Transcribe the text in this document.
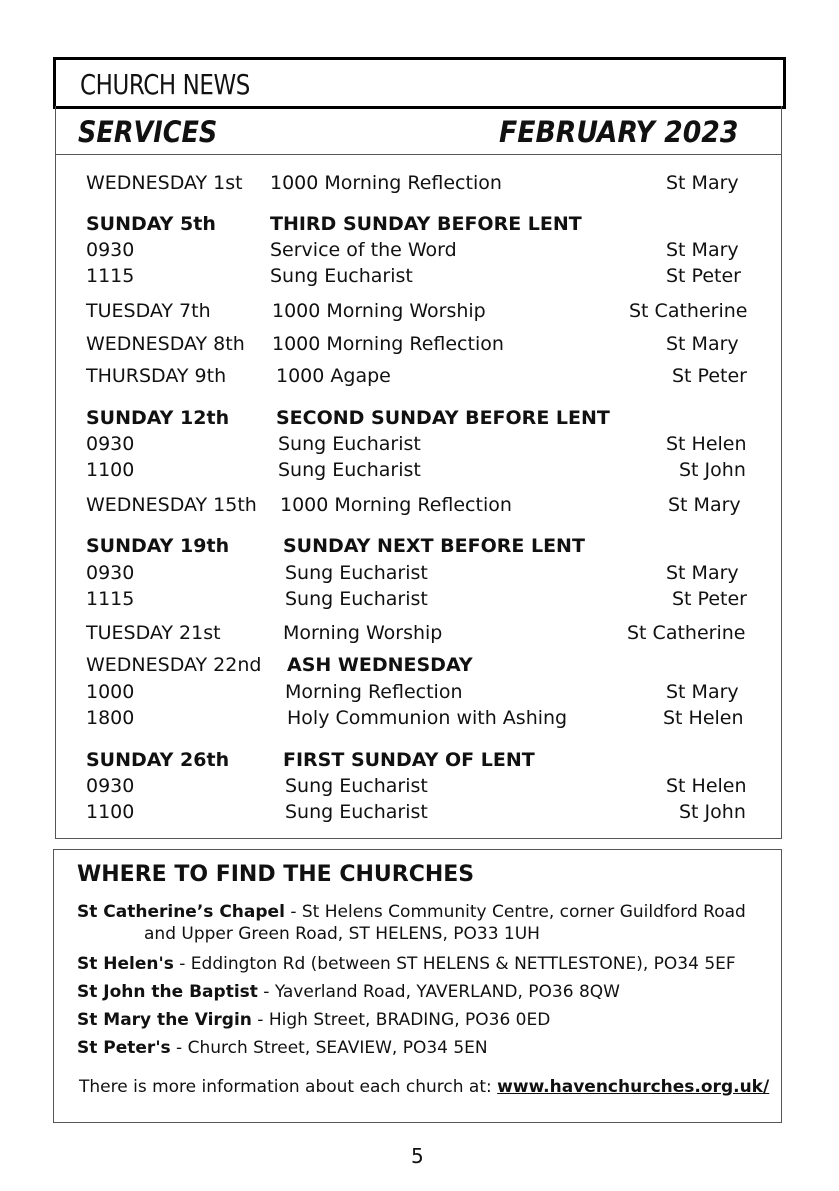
CHURCH NEWS
SERVICES	FEBRUARY 2023
WEDNESDAY 1st 1000 Morning Reflection	St Mary
SUNDAY 5th	THIRD SUNDAY BEFORE LENT
0930	Service of the Word	St Mary
1115	Sung Eucharist	St Peter
TUESDAY 7th	1000 Morning Worship	St Catherine
WEDNESDAY 8th 1000 Morning Reflection	St Mary
THURSDAY 9th	1000 Agape	St Peter
SUNDAY 12th SECOND SUNDAY BEFORE LENT
0930	Sung Eucharist	St Helen
1100	Sung Eucharist	St John
WEDNESDAY 15th 1000 Morning Reflection	St Mary
SUNDAY 19th	SUNDAY NEXT BEFORE LENT
0930	Sung Eucharist	St Mary
1115	Sung Eucharist	St Peter
TUESDAY 21st	Morning Worship	St Catherine
WEDNESDAY 22nd ASH WEDNESDAY
1000	Morning Reflection	St Mary
1800	Holy Communion with Ashing	St Helen
SUNDAY 26th	FIRST SUNDAY OF LENT
0930	Sung Eucharist	St Helen
1100	Sung Eucharist	St John
WHERE TO FIND THE CHURCHES
St Catherine’s Chapel - St Helens Community Centre, corner Guildford Road
and Upper Green Road, ST HELENS, PO33 1UH
St Helen's - Eddington Rd (between ST HELENS & NETTLESTONE), PO34 5EF
St John the Baptist - Yaverland Road, YAVERLAND, PO36 8QW
St Mary the Virgin - High Street, BRADING, PO36 0ED
St Peter's - Church Street, SEAVIEW, PO34 5EN
There is more information about each church at: www.havenchurches.org.uk/
5
